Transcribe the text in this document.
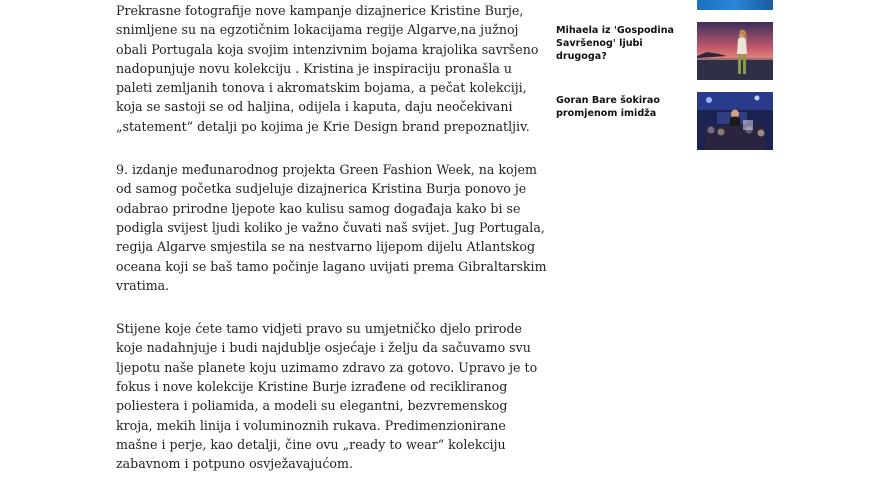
Prekrasne fotografije nove kampanje dizajnerice Kristine Burje, snimljene su na egzotičnim lokacijama regije Algarve,na južnoj obali Portugala koja svojim intenzivnim bojama krajolika savršeno nadopunjuje novu kolekciju . Kristina je inspiraciju pronašla u paleti zemljanih tonova i akromatskim bojama, a pečat kolekciji, koja se sastoji se od haljina, odijela i kaputa, daju neočekivani „statement“ detalji po kojima je Krie Design brand prepoznatljiv.

9. izdanje međunarodnog projekta Green Fashion Week, na kojem od samog početka sudjeluje dizajnerica Kristina Burja ponovo je odabrao prirodne ljepote kao kulisu samog događaja kako bi se podigla svijest ljudi koliko je važno čuvati naš svijet. Jug Portugala, regija Algarve smjestila se na nestvarno lijepom dijelu Atlantskog oceana koji se baš tamo počinje lagano uvijati prema Gibraltarskim vratima.

Stijene koje ćete tamo vidjeti pravo su umjetničko djelo prirode koje nadahnjuje i budi najdublje osjećaje i želju da sačuvamo svu ljepotu naše planete koju uzimamo zdravo za gotovo. Upravo je to fokus i nove kolekcije Kristine Burje izrađene od recikliranog poliestera i poliamida, a modeli su elegantni, bezvremenskog kroja, mekih linija i voluminoznih rukava. Predimenzionirane mašne i perje, kao detalji, čine ovu „ready to wear“ kolekciju zabavnom i potpuno osvježavajućom.

Mihaela iz 'Gospodina Savršenog' ljubi drugoga?
Goran Bare šokirao promjenom imidža
